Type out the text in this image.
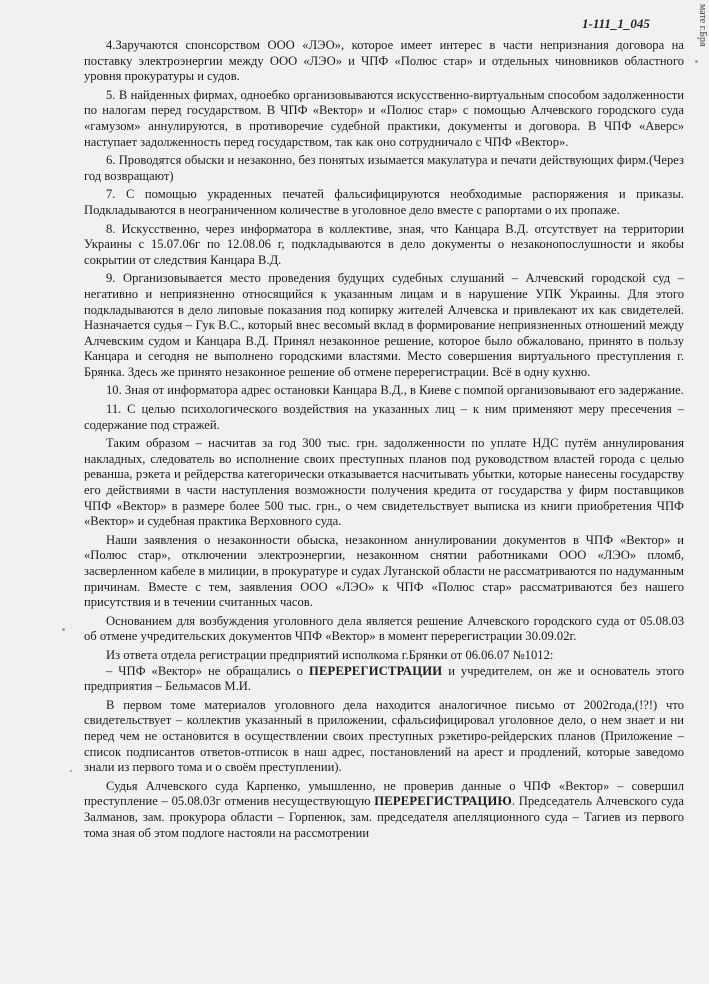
1-111_1_045	мате г.Бря

4.Заручаются спонсорством ООО «ЛЭО», которое имеет интерес в части непризнания договора на поставку электроэнергии между ООО «ЛЭО» и ЧПФ «Полюс стар» и отдельных чиновников областного уровня прокуратуры и судов.

5. В найденных фирмах, одноебко организовываются искусственно-виртуальным способом задолженности по налогам перед государством. В ЧПФ «Вектор» и «Полюс стар» с помощью Алчевского городского суда «гамузом» аннулируются, в противоречие судебной практики, документы и договора. В ЧПФ «Аверс» наступает задолженность перед государством, так как оно сотрудничало с ЧПФ «Вектор».

6. Проводятся обыски и незаконно, без понятых изымается макулатура и печати действующих фирм.(Через год возвращают)

7. С помощью украденных печатей фальсифицируются необходимые распоряжения и приказы. Подкладываются в неограниченном количестве в уголовное дело вместе с рапортами о их пропаже.

8. Искусственно, через информатора в коллективе, зная, что Канцара В.Д. отсутствует на территории Украины с 15.07.06г по 12.08.06 г, подкладываются в дело документы о незаконопослушности и якобы сокрытии от следствия Канцара В.Д.

9. Организовывается место проведения будущих судебных слушаний – Алчевский городской суд – негативно и неприязненно относящийся к указанным лицам и в нарушение УПК Украины. Для этого подкладываются в дело липовые показания под копирку жителей Алчевска и привлекают их как свидетелей. Назначается судья – Гук В.С., который внес весомый вклад в формирование неприязненных отношений между Алчевским судом и Канцара В.Д. Принял незаконное решение, которое было обжаловано, принято в пользу Канцара и сегодня не выполнено городскими властями. Место совершения виртуального преступления г. Брянка. Здесь же принято незаконное решение об отмене перерегистрации. Всё в одну кухню.

10. Зная от информатора адрес остановки Канцара В.Д., в Киеве с помпой организовывают его задержание.

11. С целью психологического воздействия на указанных лиц – к ним применяют меру пресечения – содержание под стражей.

Таким образом – насчитав за год 300 тыс. грн. задолженности по уплате НДС путём аннулирования накладных, следователь во исполнение своих преступных планов под руководством властей города с целью реванша, рэкета и рейдерства категорически отказывается насчитывать убытки, которые нанесены государству его действиями в части наступления возможности получения кредита от государства у фирм поставщиков ЧПФ «Вектор» в размере более 500 тыс. грн., о чем свидетельствует выписка из книги приобретения ЧПФ «Вектор» и судебная практика Верховного суда.

Наши заявления о незаконности обыска, незаконном аннулировании документов в ЧПФ «Вектор» и «Полюс стар», отключении электроэнергии, незаконном снятии работниками ООО «ЛЭО» пломб, засверленном кабеле в милиции, в прокуратуре и судах Луганской области не рассматриваются по надуманным причинам. Вместе с тем, заявления ООО «ЛЭО» к ЧПФ «Полюс стар» рассматриваются без нашего присутствия и в течении считанных часов.

Основанием для возбуждения уголовного дела является решение Алчевского городского суда от 05.08.03 об отмене учредительских документов ЧПФ «Вектор» в момент перерегистрации 30.09.02г.

Из ответа отдела регистрации предприятий исполкома г.Брянки от 06.06.07 №1012:

– ЧПФ «Вектор» не обращались о ПЕРЕРЕГИСТРАЦИИ и учредителем, он же и основатель этого предприятия – Бельмасов М.И.

В первом томе материалов уголовного дела находится аналогичное письмо от 2002года,(!?!) что свидетельствует – коллектив указанный в приложении, сфальсифицировал уголовное дело, о нем знает и ни перед чем не остановится в осуществлении своих преступных рэкетиро-рейдерских планов (Приложение – список подписантов ответов-отписок в наш адрес, постановлений на арест и продлений, которые заведомо знали из первого тома и о своём преступлении).

Судья Алчевского суда Карпенко, умышленно, не проверив данные о ЧПФ «Вектор» – совершил преступление – 05.08.03г отменив несуществующую ПЕРЕРЕГИСТРАЦИЮ. Председатель Алчевского суда Залманов, зам. прокурора области – Горпенюк, зам. председателя апелляционного суда – Тагиев из первого тома зная об этом подлоге настояли на рассмотрении
